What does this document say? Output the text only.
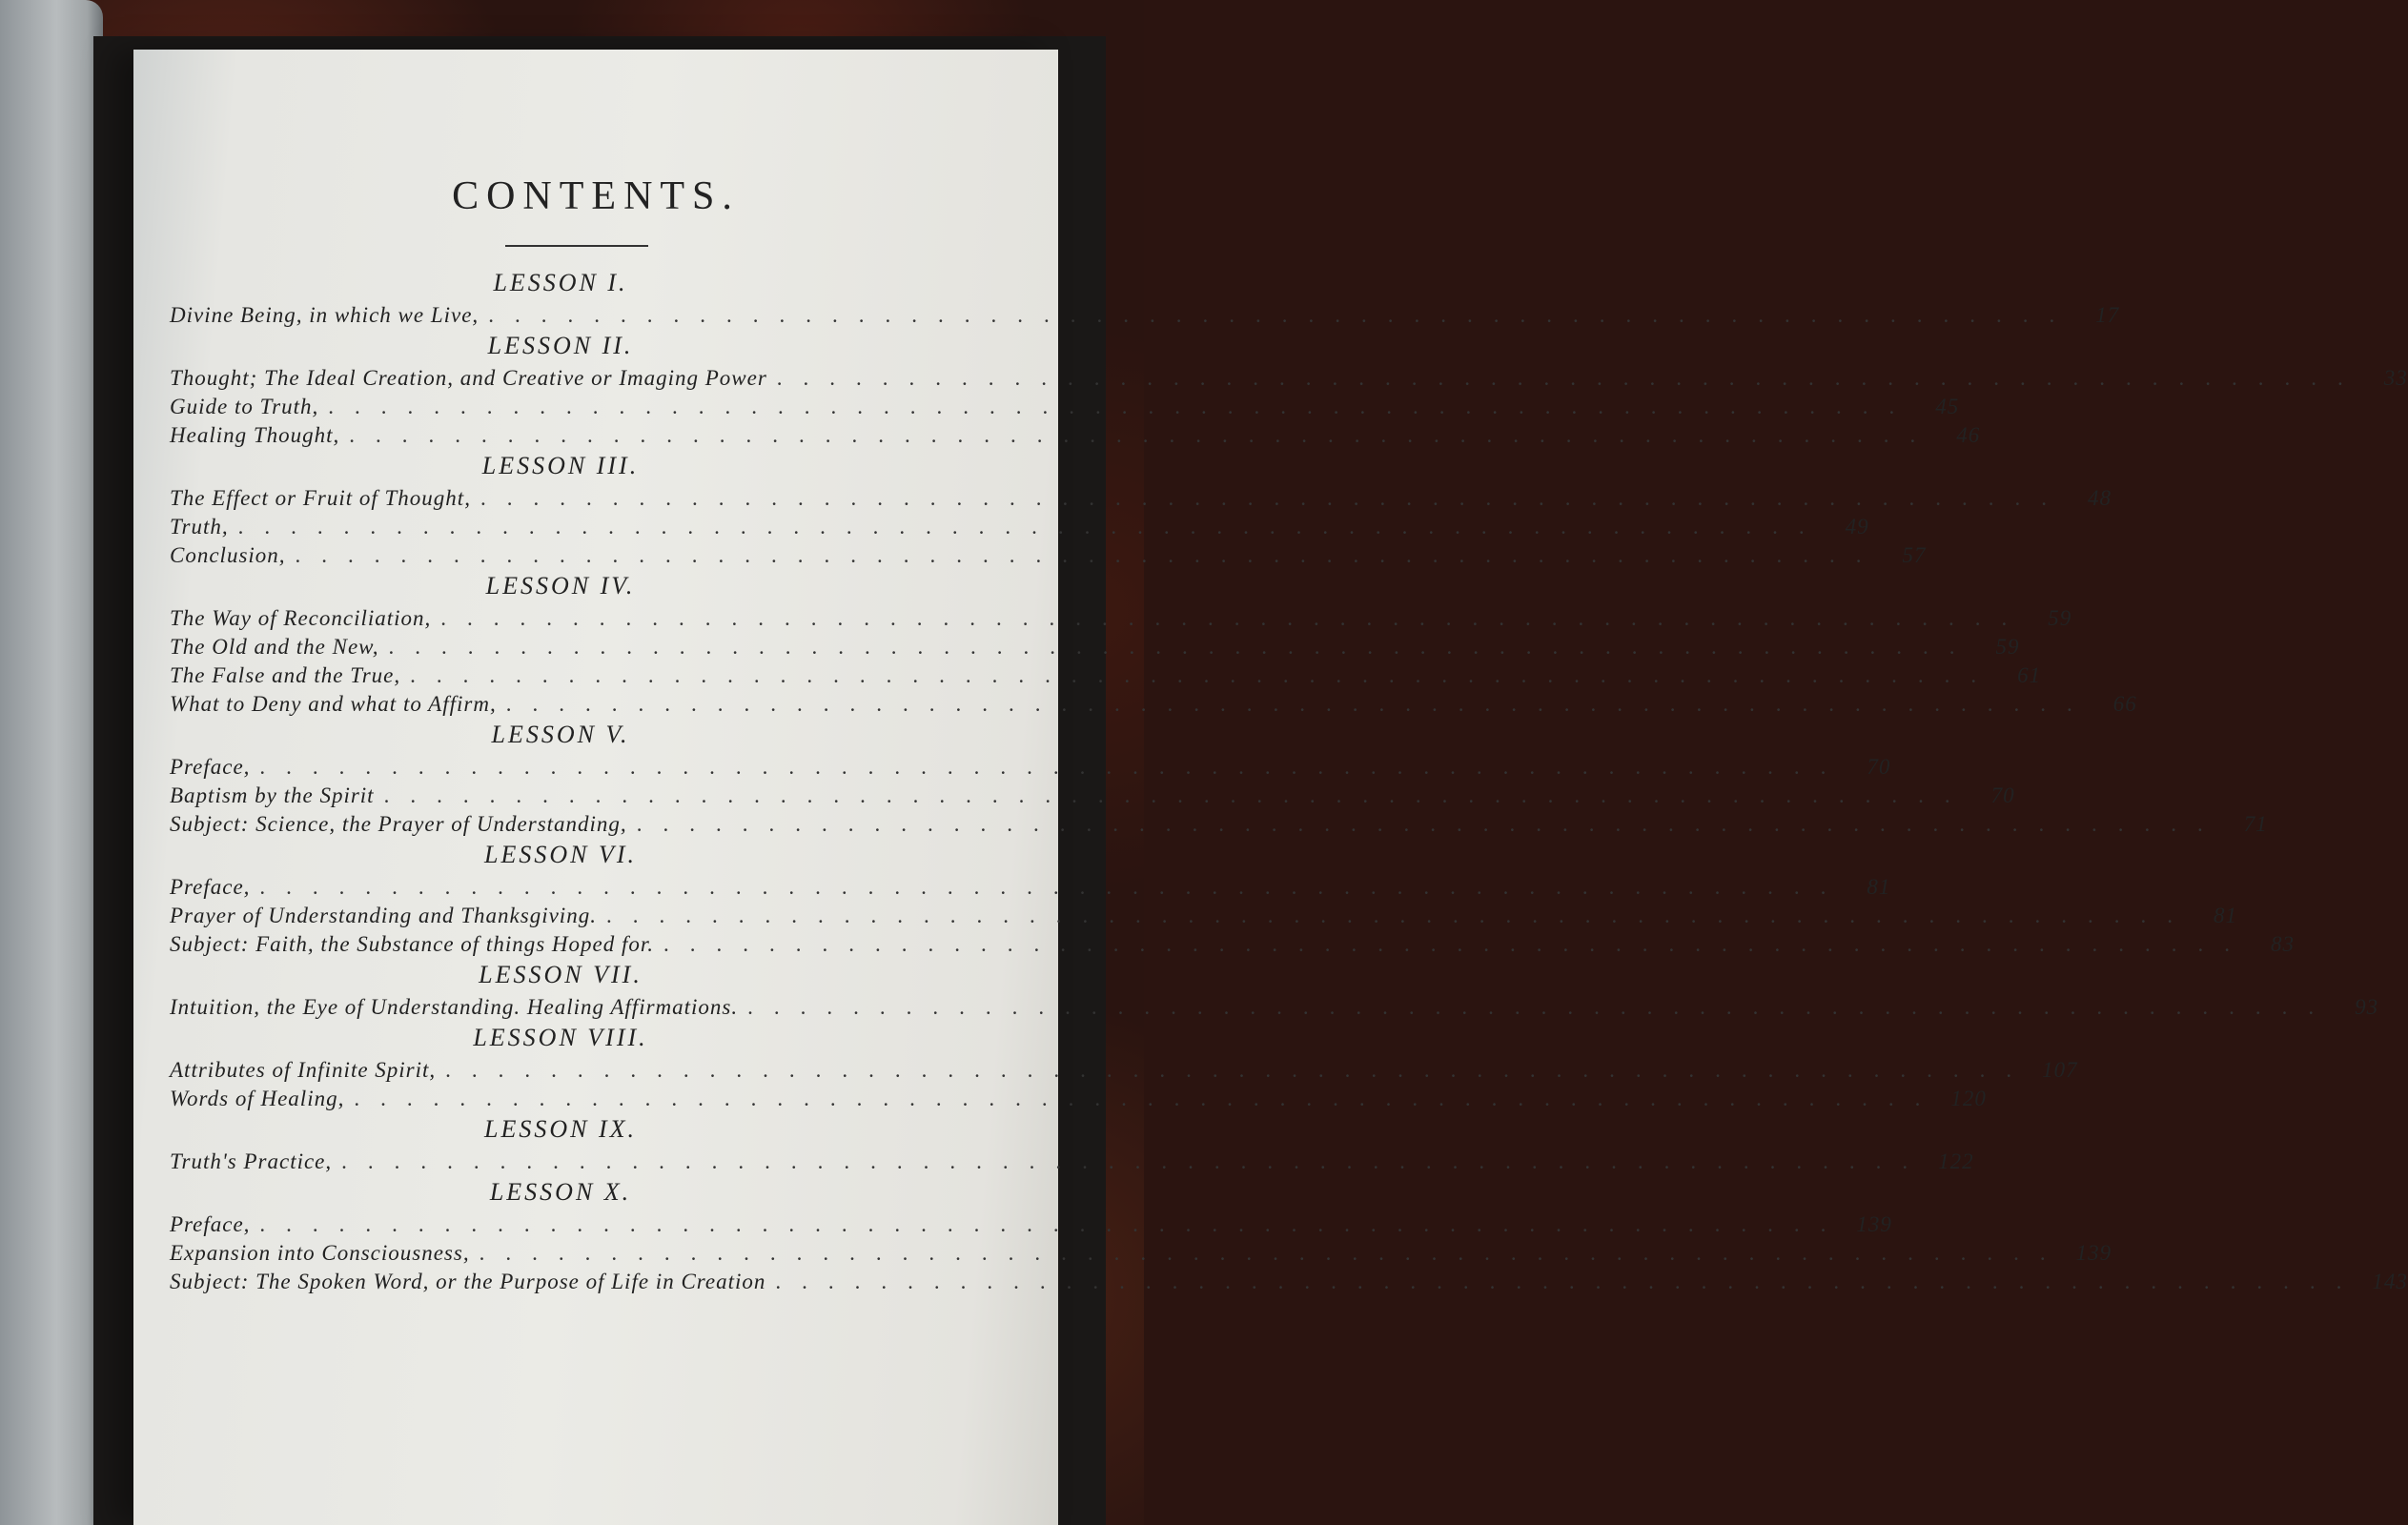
CONTENTS.
LESSON I.
Divine Being, in which we Live, ............................................................ 17
LESSON II.
Thought; The Ideal Creation, and Creative or Imaging Power ............................................................ 33
Guide to Truth, ............................................................ 45
Healing Thought, ............................................................ 46
LESSON III.
The Effect or Fruit of Thought, ............................................................ 48
Truth, ............................................................ 49
Conclusion, ............................................................ 57
LESSON IV.
The Way of Reconciliation, ............................................................ 59
The Old and the New, ............................................................ 59
The False and the True, ............................................................ 61
What to Deny and what to Affirm, ............................................................ 66
LESSON V.
Preface, ............................................................ 70
Baptism by the Spirit ............................................................ 70
Subject: Science, the Prayer of Understanding, ............................................................ 71
LESSON VI.
Preface, ............................................................ 81
Prayer of Understanding and Thanksgiving. ............................................................ 81
Subject: Faith, the Substance of things Hoped for. ............................................................ 83
LESSON VII.
Intuition, the Eye of Understanding. Healing Affirmations. ............................................................ 93
LESSON VIII.
Attributes of Infinite Spirit, ............................................................ 107
Words of Healing, ............................................................ 120
LESSON IX.
Truth's Practice, ............................................................ 122
LESSON X.
Preface, ............................................................ 139
Expansion into Consciousness, ............................................................ 139
Subject: The Spoken Word, or the Purpose of Life in Creation ............................................................ 143
